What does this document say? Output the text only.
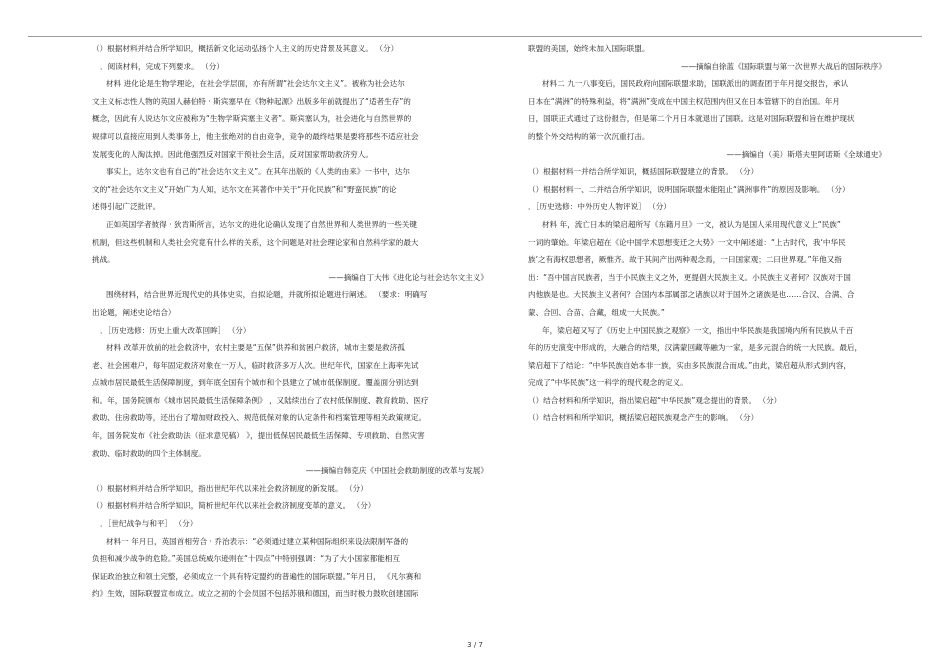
（）根据材料并结合所学知识，概括新文化运动弘扬个人主义的历史背景及其意义。 （分）
．阅读材料，完成下列要求。 （分）
材料 进化论是生物学理论，在社会学层面，亦有所谓“社会达尔文主义”。被称为社会达尔
文主义标志性人物的英国人赫伯特 · 斯宾塞早在《物种起源》出版多年前就提出了“适者生存”的
概念，因此有人说达尔文应被称为“生物学斯宾塞主义者”。斯宾塞认为，社会进化与自然世界的
规律可以直接应用到人类事务上，他主张绝对的自由竞争，竞争的最终结果是要将那些不适应社会
发展变化的人淘汰掉。因此他强烈反对国家干预社会生活，反对国家帮助救济穷人。
事实上，达尔文也有自己的“社会达尔文主义”。在其年出版的《人类的由来》一书中，达尔
文的“社会达尔文主义”开始广为人知，达尔文在其著作中关于“开化民族”和“野蛮民族”的论
述得引起广泛批评。
正如英国学者彼得 · 狄肯斯所言，达尔文的进化论确认发现了自然世界和人类世界的一些关键
机制，但这些机制和人类社会究竟有什么样的关系，这个问题是对社会理论家和自然科学家的最大
挑战。
——摘编自丁大伟《进化论与社会达尔文主义》
围绕材料，结合世界近现代史的具体史实，自拟论题，并就所拟论题进行阐述。 （要求：明确写
出论题，阐述史论结合）
．［历史选修：历史上重大改革回眸］ （分）
材料 改革开放前的社会救济中，农村主要是“五保”供养和贫困户救济，城市主要是救济孤
老、社会困难户，每年固定救济对象在一万人，临时救济多万人次。世纪年代，国家在上海率先试
点城市居民最低生活保障制度，到年底全国有个城市和个县建立了城市低保制度。覆盖面分别达到
和。年，国务院颁布《城市居民最低生活保障条例》 ，又陆续出台了农村低保制度、教育救助、医疗
救助、住房救助等，还出台了增加财政投入、规范低保对象的认定条件和档案管理等相关政策规定。
年，国务院发布《社会救助法（征求意见稿） 》，提出低保居民最低生活保障、专项救助、自然灾害
救助、临时救助的四个主体制度。
——摘编自韩克庆《中国社会救助制度的改革与发展》
（）根据材料并结合所学知识，指出世纪年代以来社会救济制度的新发展。 （分）
（）根据材料并结合所学知识，简析世纪年代以来社会救济制度变革的意义。 （分）
．［世纪战争与和平］ （分）
材料一 年月日，英国首相劳合 · 乔治表示：“必须通过建立某种国际组织来设法限制军备的
负担和减少战争的危险。”美国总统威尔逊则在“十四点”中特别强调：“为了大小国家都能相互
保证政治独立和领土完整，必须成立一个具有特定盟约的普遍性的国际联盟。”年月日， 《凡尔赛和
约》生效，国际联盟宣布成立。成立之初的个会员国不包括苏俄和德国，而当时极力鼓吹创建国际
联盟的美国，始终未加入国际联盟。
——摘编自徐蓝《国际联盟与第一次世界大战后的国际秩序》
材料二 九一八事变后，国民政府向国际联盟求助，国联派出的调查团于年月提交报告，承认
日本在“满洲”的特殊利益，将“满洲”变成在中国主权范围内但又在日本管辖下的自治国。年月
日，国联正式通过了这份报告，但是第二个月日本就退出了国联。这是对国际联盟和旨在维护现状
的整个外交结构的第一次沉重打击。
——摘编自（美）斯塔夫里阿诺斯《全球通史》
（）根据材料一并结合所学知识，概括国际联盟建立的背景。 （分）
（）根据材料一、二并结合所学知识，说明国际联盟未能阻止“满洲事件”的原因及影响。 （分）
．［历史选修：中外历史人物评说］ （分）
材料 年，流亡日本的梁启超所写《东籍月旦》一文，被认为是国人采用现代意义上“民族”
一词的肇始。年梁启超在《论中国学术思想变迁之大势》一文中阐述道：“上古时代，我‘中华民
族’之有海权思想者，厥惟齐。故于其间产出两种观念焉，一曰国家观；二曰世界观。”年他又指
出：“吾中国言民族者，当于小民族主义之外，更提倡大民族主义。小民族主义者何？汉族对于国
内他族是也。大民族主义者何？合国内本部属部之诸族以对于国外之诸族是也……合汉、合满、合
蒙、合回、合苗、合藏，组成一大民族。”
年，梁启超又写了《历史上中国民族之观察》一文，指出中华民族是我国境内所有民族从千百
年的历史演变中形成的，大融合的结果，汉满蒙回藏等融为一家，是多元混合的统一大民族。最后，
梁启超下了结论：“中华民族自始本非一族，实由多民族混合而成。”由此，梁启超从形式到内容，
完成了“中华民族”这一科学的现代观念的定义。
（）结合材料和所学知识，指出梁启超“中华民族”观念提出的背景。 （分）
（）结合材料和所学知识，概括梁启超民族观念产生的影响。 （分）
3 / 7
